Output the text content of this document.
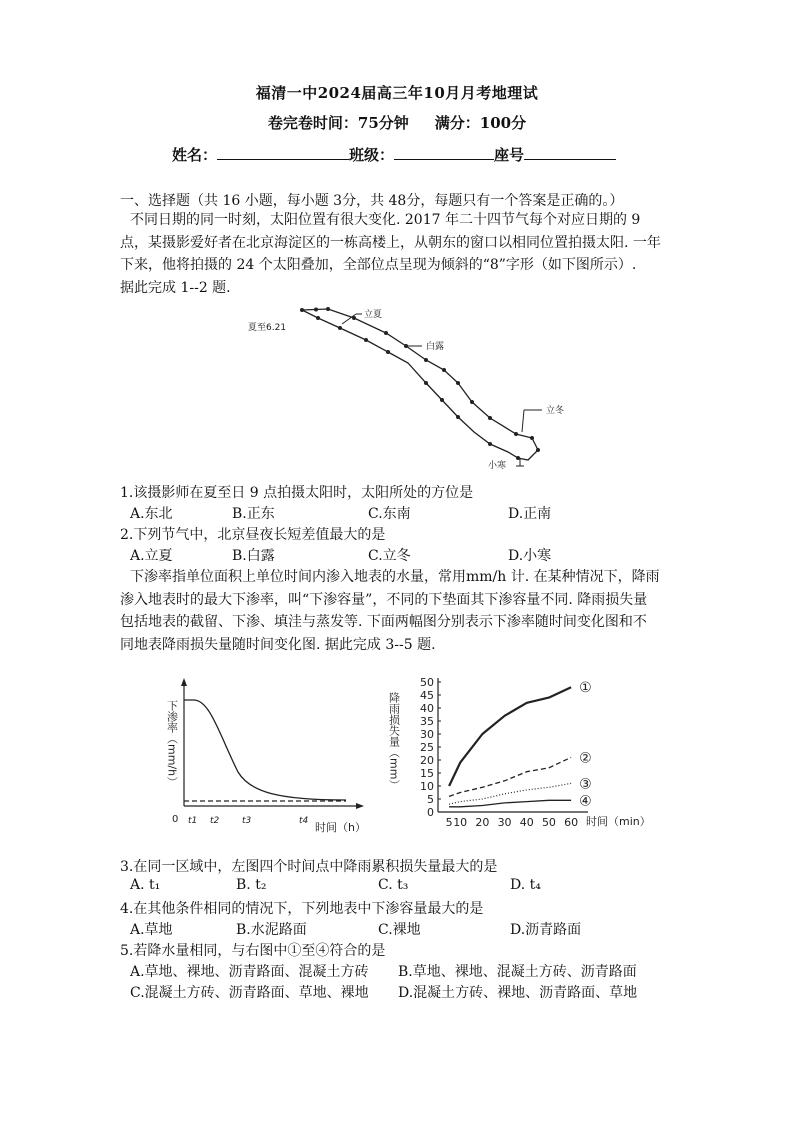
福清一中2024届高三年10月月考地理试
卷完卷时间：75分钟 满分：100分
姓名：	班级：	座号
一、选择题（共 16 小题，每小题 3分，共 48分，每题只有一个答案是正确的。）
不同日期的同一时刻，太阳位置有很大变化. 2017 年二十四节气每个对应日期的 9
点，某摄影爱好者在北京海淀区的一栋高楼上，从朝东的窗口以相同位置拍摄太阳. 一年
下来，他将拍摄的 24 个太阳叠加，全部位点呈现为倾斜的“8”字形（如下图所示）.
据此完成 1--2 题.
夏至6.21
立夏
白露
立冬
小寒
1.该摄影师在夏至日 9 点拍摄太阳时，太阳所处的方位是
A.东北	B.正东	C.东南	D.正南
2.下列节气中，北京昼夜长短差值最大的是
A.立夏	B.白露	C.立冬	D.小寒
下渗率指单位面积上单位时间内渗入地表的水量，常用mm/h 计. 在某种情况下，降雨
渗入地表时的最大下渗率，叫“下渗容量”，不同的下垫面其下渗容量不同. 降雨损失量
包括地表的截留、下渗、填洼与蒸发等. 下面两幅图分别表示下渗率随时间变化图和不
同地表降雨损失量随时间变化图. 据此完成 3--5 题.
下渗率（mm/h）
0 t1 t2	t3	t4 时间（h）
降雨损失量（mm）
时间（min）
0
5
10
15
20
25
30
35
40
45
50
5 10 20 30 40 50 60
①
②
③
④
3.在同一区域中，左图四个时间点中降雨累积损失量最大的是
A. t₁	B. t₂	C. t₃	D. t₄
4.在其他条件相同的情况下，下列地表中下渗容量最大的是
A.草地	B.水泥路面	C.裸地	D.沥青路面
5.若降水量相同，与右图中①至④符合的是
A.草地、裸地、沥青路面、混凝土方砖 B.草地、裸地、混凝土方砖、沥青路面
C.混凝土方砖、沥青路面、草地、裸地 D.混凝土方砖、裸地、沥青路面、草地
